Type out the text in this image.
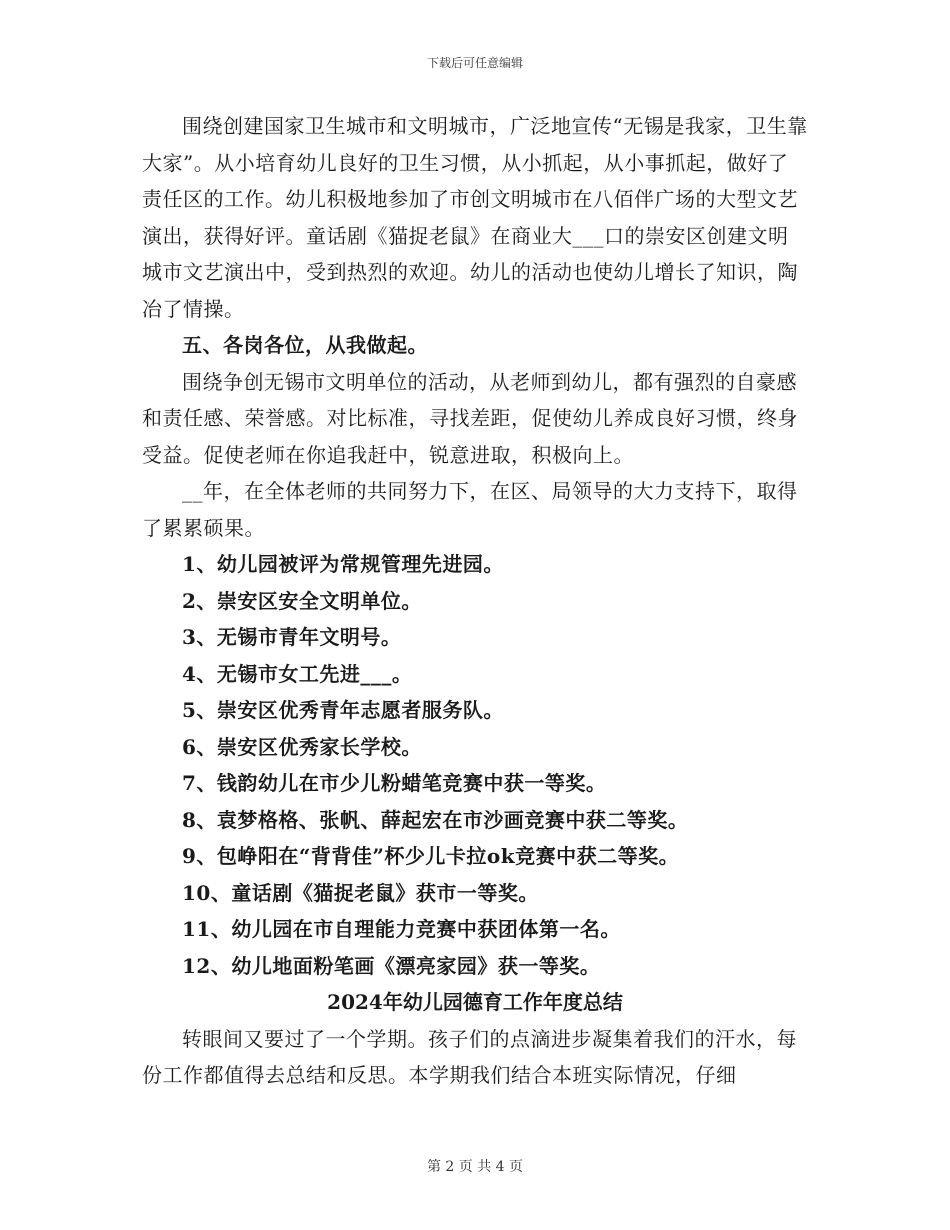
下载后可任意编辑

围绕创建国家卫生城市和文明城市，广泛地宣传“无锡是我家，卫生靠大家”。从小培育幼儿良好的卫生习惯，从小抓起，从小事抓起，做好了责任区的工作。幼儿积极地参加了市创文明城市在八佰伴广场的大型文艺演出，获得好评。童话剧《猫捉老鼠》在商业大___口的崇安区创建文明城市文艺演出中，受到热烈的欢迎。幼儿的活动也使幼儿增长了知识，陶冶了情操。

五、各岗各位，从我做起。

围绕争创无锡市文明单位的活动，从老师到幼儿，都有强烈的自豪感和责任感、荣誉感。对比标准，寻找差距，促使幼儿养成良好习惯，终身受益。促使老师在你追我赶中，锐意进取，积极向上。

__年，在全体老师的共同努力下，在区、局领导的大力支持下，取得了累累硕果。

1、幼儿园被评为常规管理先进园。
2、崇安区安全文明单位。
3、无锡市青年文明号。
4、无锡市女工先进___。
5、崇安区优秀青年志愿者服务队。
6、崇安区优秀家长学校。
7、钱韵幼儿在市少儿粉蜡笔竞赛中获一等奖。
8、袁梦格格、张帆、薛起宏在市沙画竞赛中获二等奖。
9、包峥阳在“背背佳”杯少儿卡拉ok竞赛中获二等奖。
10、童话剧《猫捉老鼠》获市一等奖。
11、幼儿园在市自理能力竞赛中获团体第一名。
12、幼儿地面粉笔画《漂亮家园》获一等奖。

2024年幼儿园德育工作年度总结

转眼间又要过了一个学期。孩子们的点滴进步凝集着我们的汗水，每份工作都值得去总结和反思。本学期我们结合本班实际情况，仔细

第 2 页 共 4 页
